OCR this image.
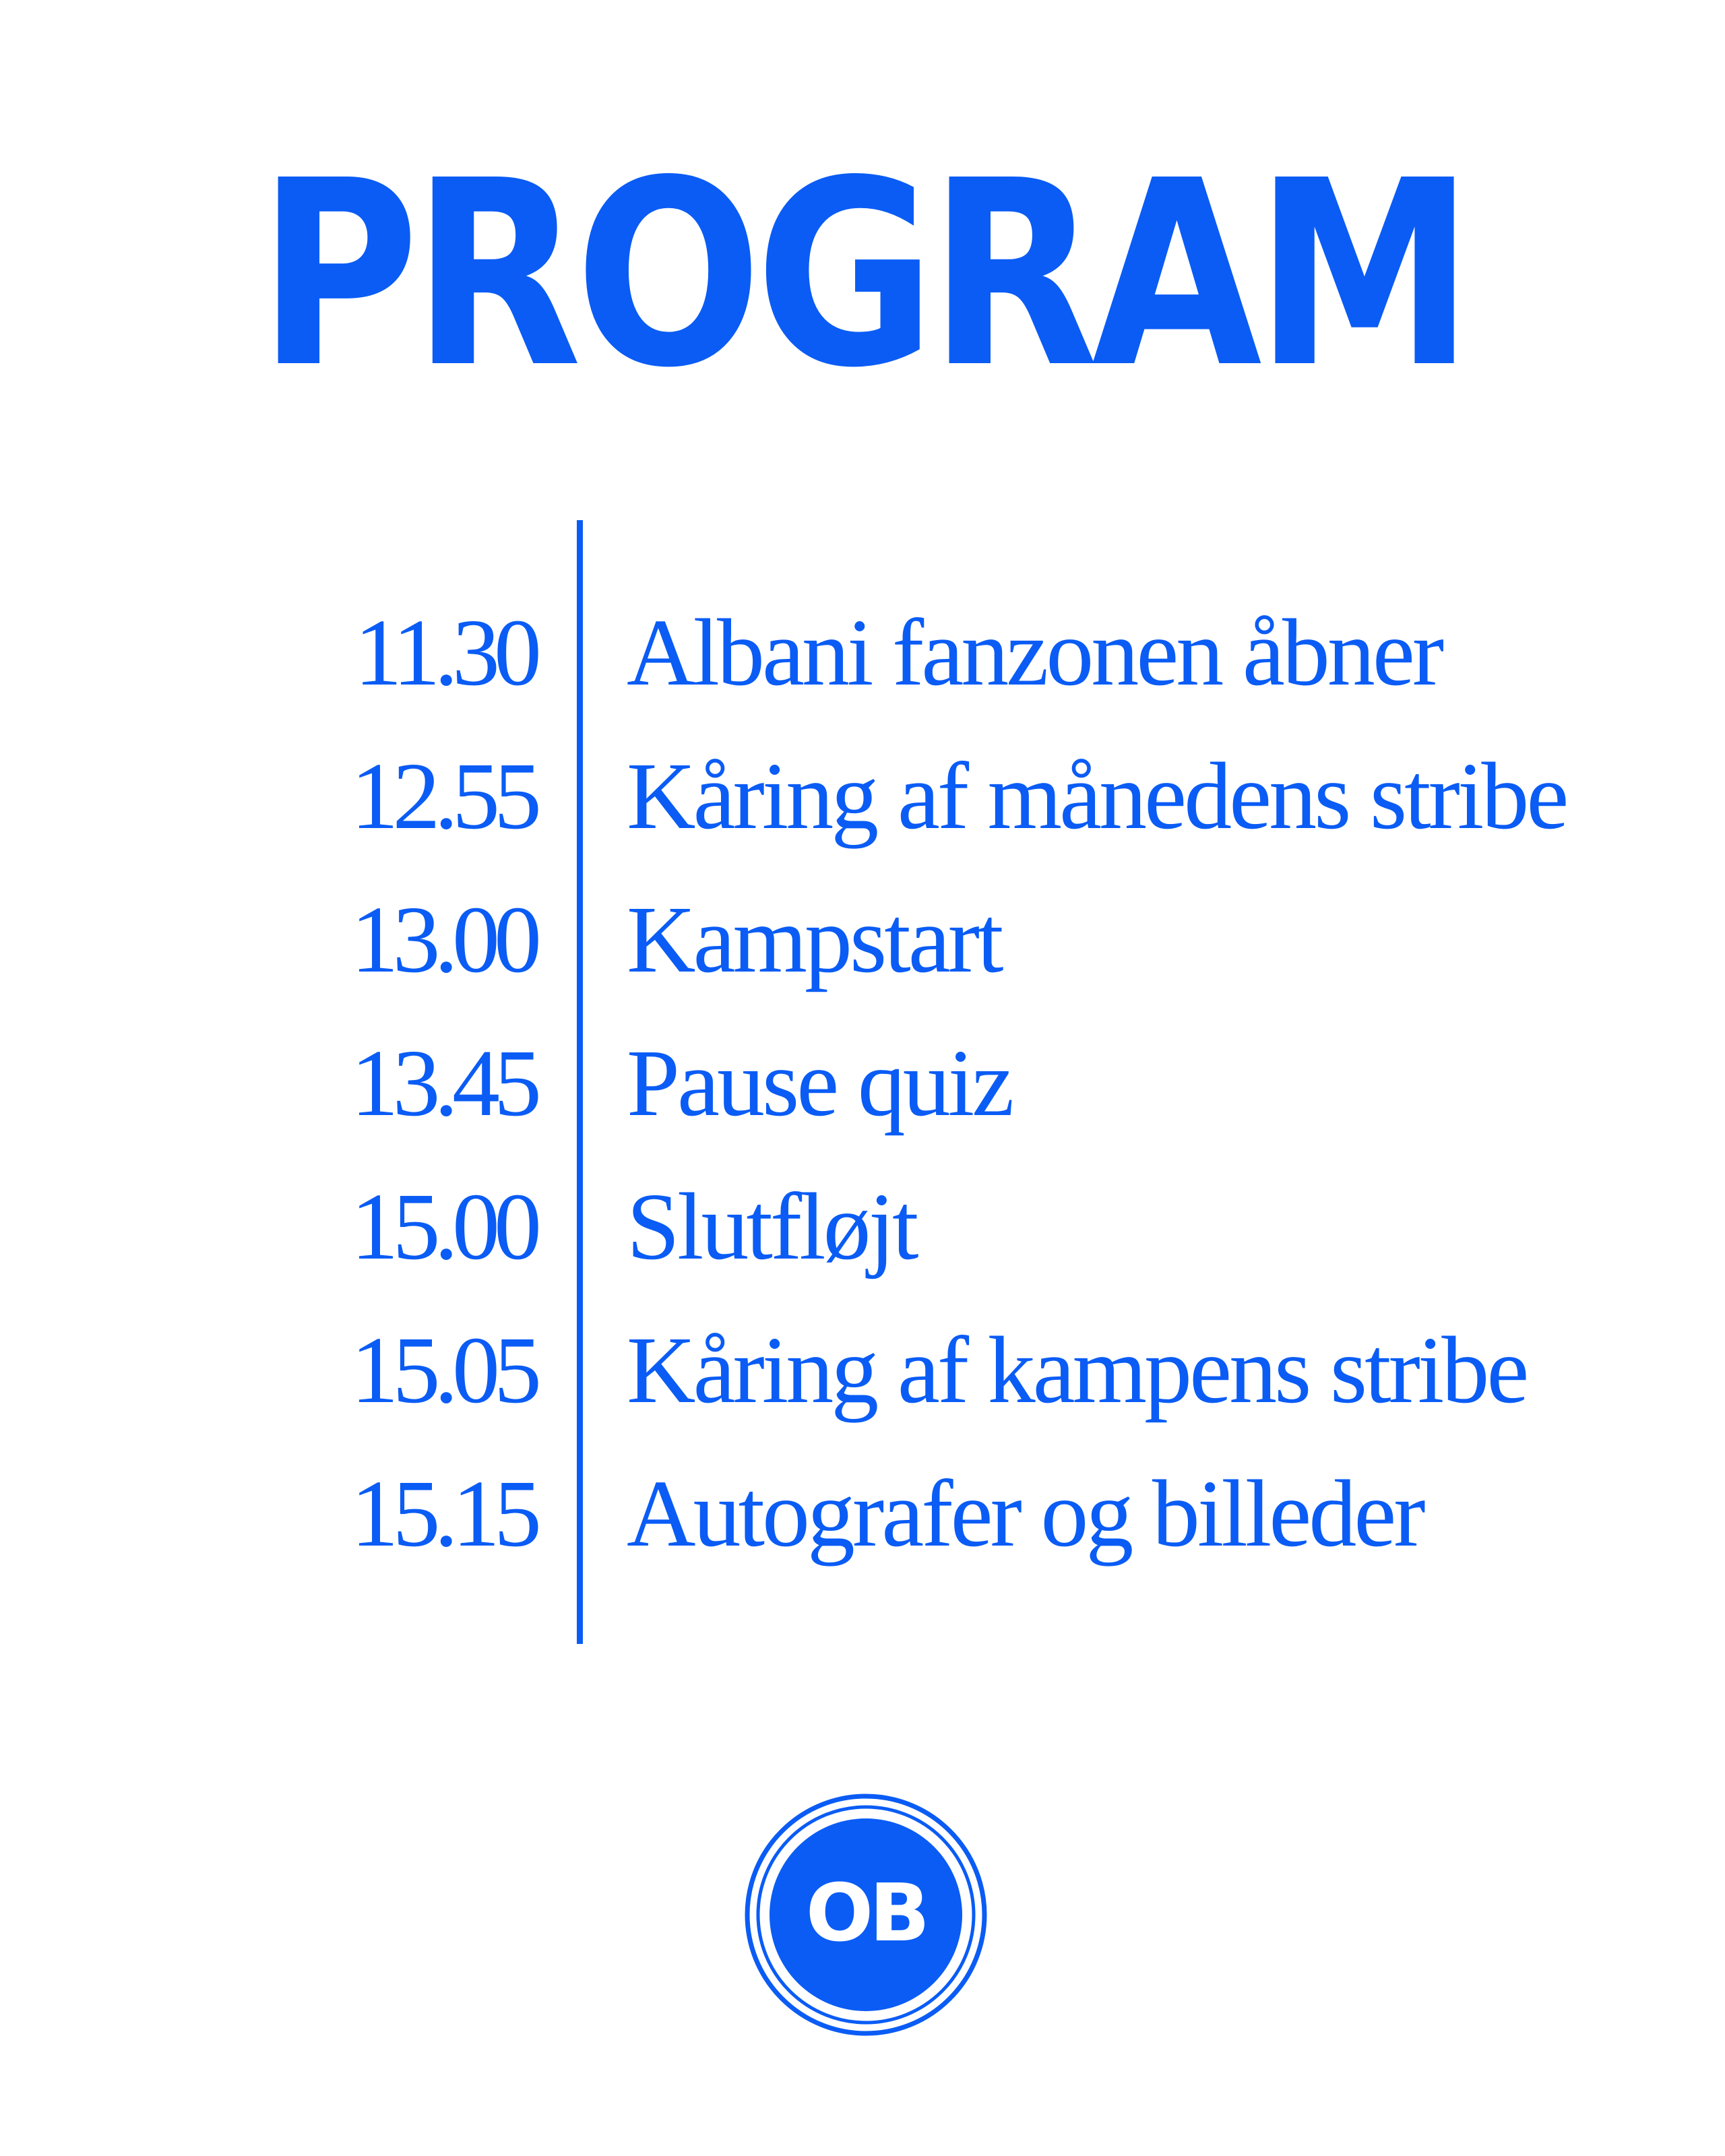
PROGRAM
11.30 Albani fanzonen åbner
12.55 Kåring af månedens stribe
13.00 Kampstart
13.45 Pause quiz
15.00 Slutfløjt
15.05 Kåring af kampens stribe
15.15 Autografer og billeder
OB
